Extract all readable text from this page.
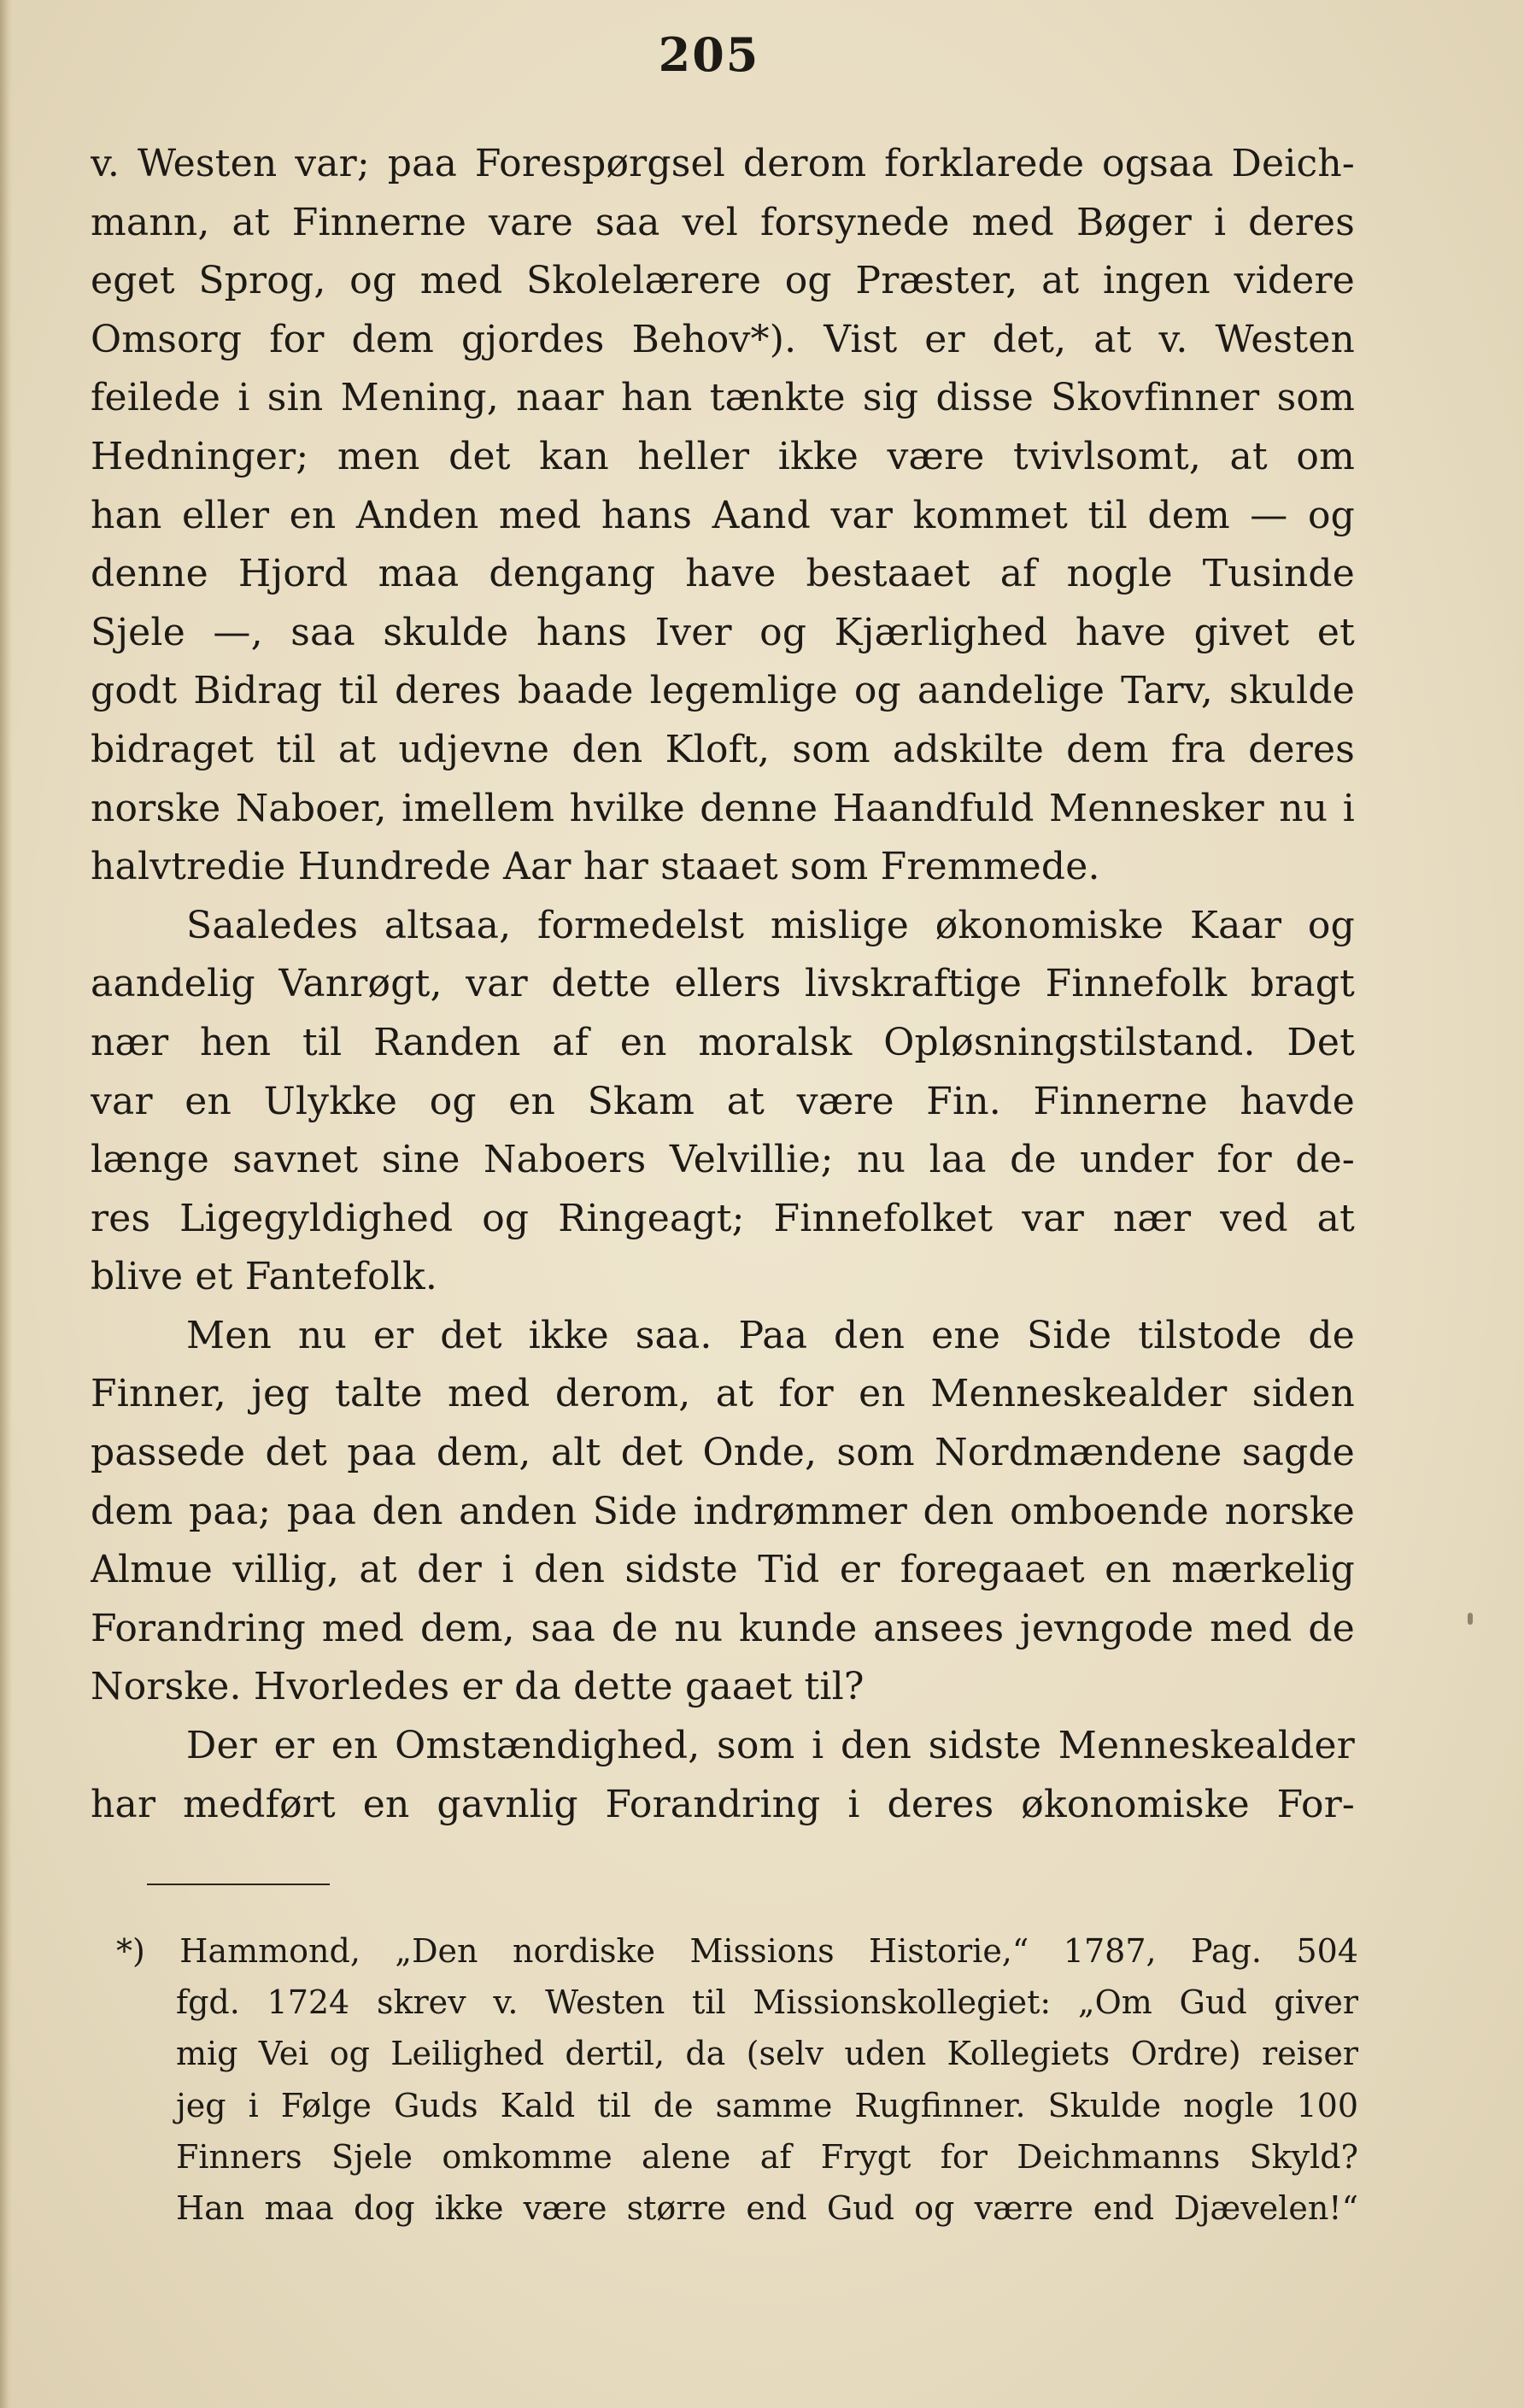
205
v. Westen var; paa Forespørgsel derom forklarede ogsaa Deich-
mann, at Finnerne vare saa vel forsynede med Bøger i deres
eget Sprog, og med Skolelærere og Præster, at ingen videre
Omsorg for dem gjordes Behov*). Vist er det, at v. Westen
feilede i sin Mening, naar han tænkte sig disse Skovfinner som
Hedninger; men det kan heller ikke være tvivlsomt, at om
han eller en Anden med hans Aand var kommet til dem — og
denne Hjord maa dengang have bestaaet af nogle Tusinde
Sjele —, saa skulde hans Iver og Kjærlighed have givet et
godt Bidrag til deres baade legemlige og aandelige Tarv, skulde
bidraget til at udjevne den Kloft, som adskilte dem fra deres
norske Naboer, imellem hvilke denne Haandfuld Mennesker nu i
halvtredie Hundrede Aar har staaet som Fremmede.
Saaledes altsaa, formedelst mislige økonomiske Kaar og
aandelig Vanrøgt, var dette ellers livskraftige Finnefolk bragt
nær hen til Randen af en moralsk Opløsningstilstand. Det
var en Ulykke og en Skam at være Fin. Finnerne havde
længe savnet sine Naboers Velvillie; nu laa de under for de-
res Ligegyldighed og Ringeagt; Finnefolket var nær ved at
blive et Fantefolk.
Men nu er det ikke saa. Paa den ene Side tilstode de
Finner, jeg talte med derom, at for en Menneskealder siden
passede det paa dem, alt det Onde, som Nordmændene sagde
dem paa; paa den anden Side indrømmer den omboende norske
Almue villig, at der i den sidste Tid er foregaaet en mærkelig
Forandring med dem, saa de nu kunde ansees jevngode med de
Norske. Hvorledes er da dette gaaet til?
Der er en Omstændighed, som i den sidste Menneskealder
har medført en gavnlig Forandring i deres økonomiske For-
*) Hammond, „Den nordiske Missions Historie,“ 1787, Pag. 504
fgd. 1724 skrev v. Westen til Missionskollegiet: „Om Gud giver
mig Vei og Leilighed dertil, da (selv uden Kollegiets Ordre) reiser
jeg i Følge Guds Kald til de samme Rugfinner. Skulde nogle 100
Finners Sjele omkomme alene af Frygt for Deichmanns Skyld?
Han maa dog ikke være større end Gud og værre end Djævelen!“
